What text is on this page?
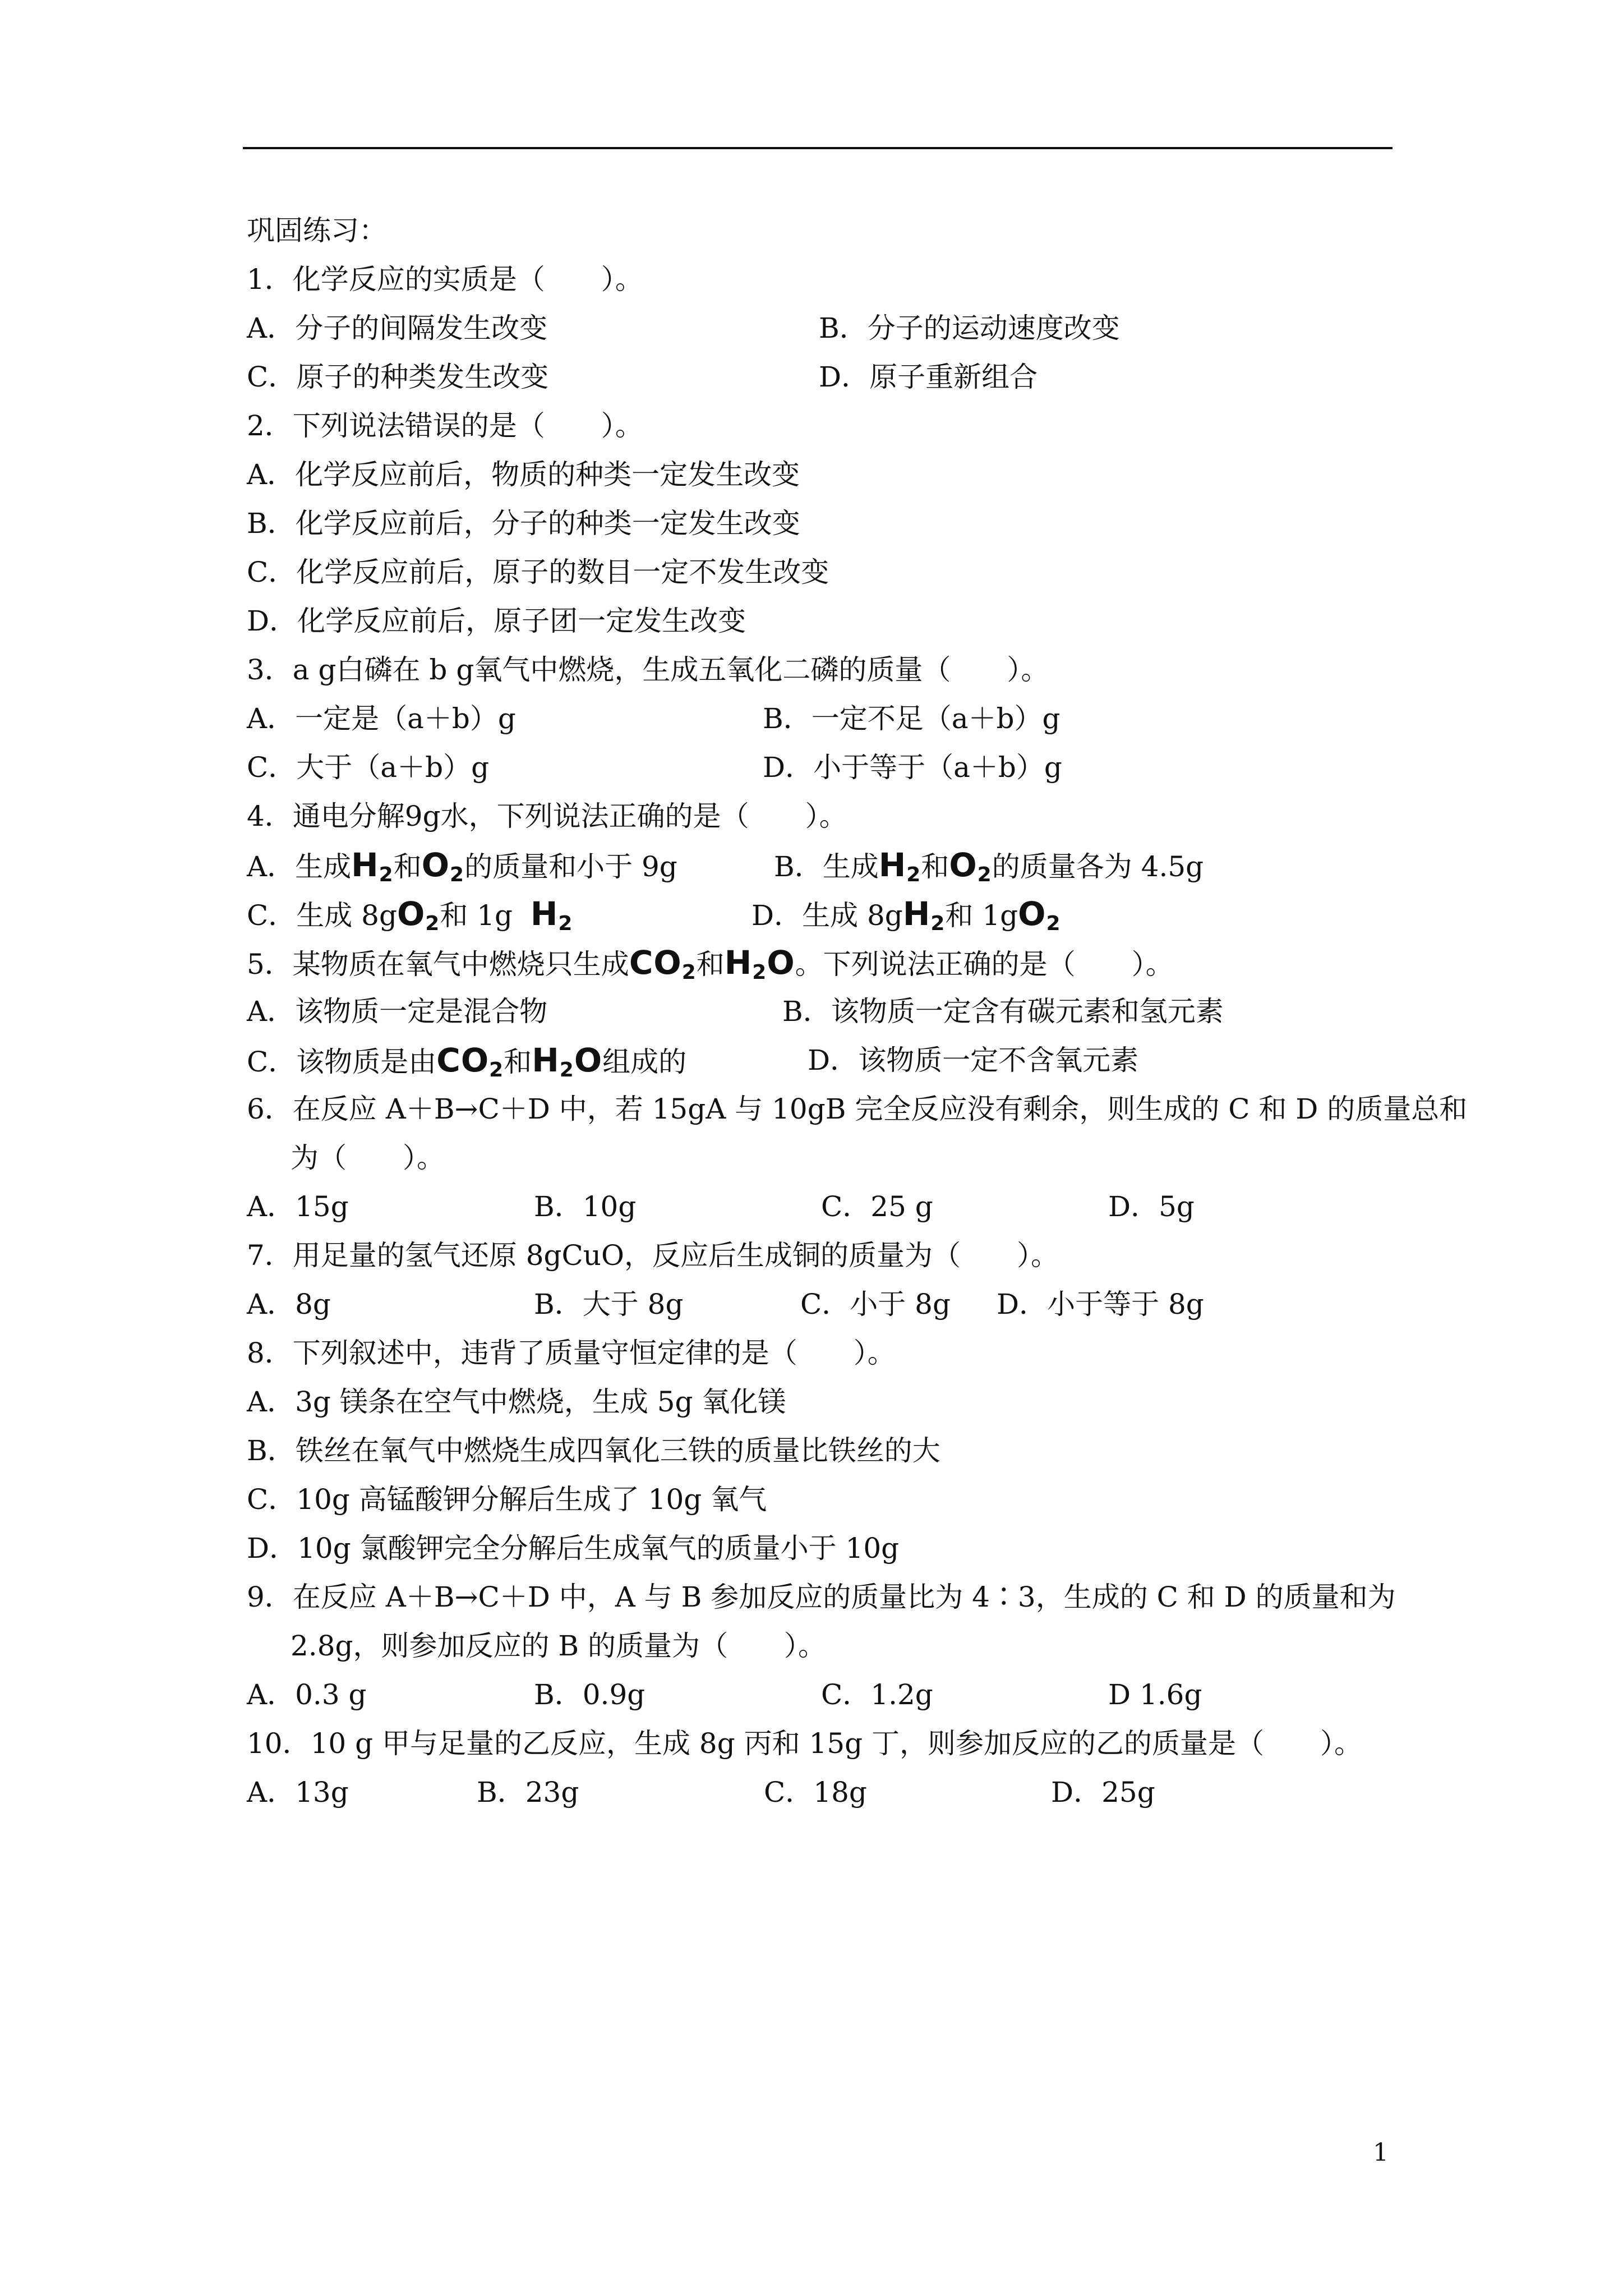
巩固练习：
1．化学反应的实质是（　　）。
A．分子的间隔发生改变	B．分子的运动速度改变
C．原子的种类发生改变	D．原子重新组合
2．下列说法错误的是（　　）。
A．化学反应前后，物质的种类一定发生改变
B．化学反应前后，分子的种类一定发生改变
C．化学反应前后，原子的数目一定不发生改变
D．化学反应前后，原子团一定发生改变
3．a g白磷在 b g氧气中燃烧，生成五氧化二磷的质量（　　）。
A．一定是（a＋b）g	B．一定不足（a＋b）g
C．大于（a＋b）g	D．小于等于（a＋b）g
4．通电分解9g水，下列说法正确的是（　　）。
A．生成$H_2$和$O_2$的质量和小于 9g	B．生成$H_2$和$O_2$的质量各为 4.5g
C．生成 $8gO_2$和 1g $H_2$	D．生成 $8gH_2$和 $1gO_2$
5．某物质在氧气中燃烧只生成$CO_2$和$H_2O$。下列说法正确的是（　　）。
A．该物质一定是混合物	B．该物质一定含有碳元素和氢元素
C．该物质是由$CO_2$和$H_2O$组成的	D．该物质一定不含氧元素
6．在反应 A＋B→C＋D 中，若 15gA 与 10gB 完全反应没有剩余，则生成的 C 和 D 的质量总和
为（　　）。
A．15g	B．10g	C．25 g	D．5g
7．用足量的氢气还原 8gCuO，反应后生成铜的质量为（　　）。
A．8g	B．大于 8g	C．小于 8g	D．小于等于 8g
8．下列叙述中，违背了质量守恒定律的是（　　）。
A．3g 镁条在空气中燃烧，生成 5g 氧化镁
B．铁丝在氧气中燃烧生成四氧化三铁的质量比铁丝的大
C．10g 高锰酸钾分解后生成了 10g 氧气
D．10g 氯酸钾完全分解后生成氧气的质量小于 10g
9．在反应 A＋B→C＋D 中，A 与 B 参加反应的质量比为 4∶3，生成的 C 和 D 的质量和为
2.8g，则参加反应的 B 的质量为（　　）。
A．0.3 g	B．0.9g	C．1.2g	D 1.6g
10．10 g 甲与足量的乙反应，生成 8g 丙和 15g 丁，则参加反应的乙的质量是（　　）。
A．13g	B．23g	C．18g	D．25g
1
